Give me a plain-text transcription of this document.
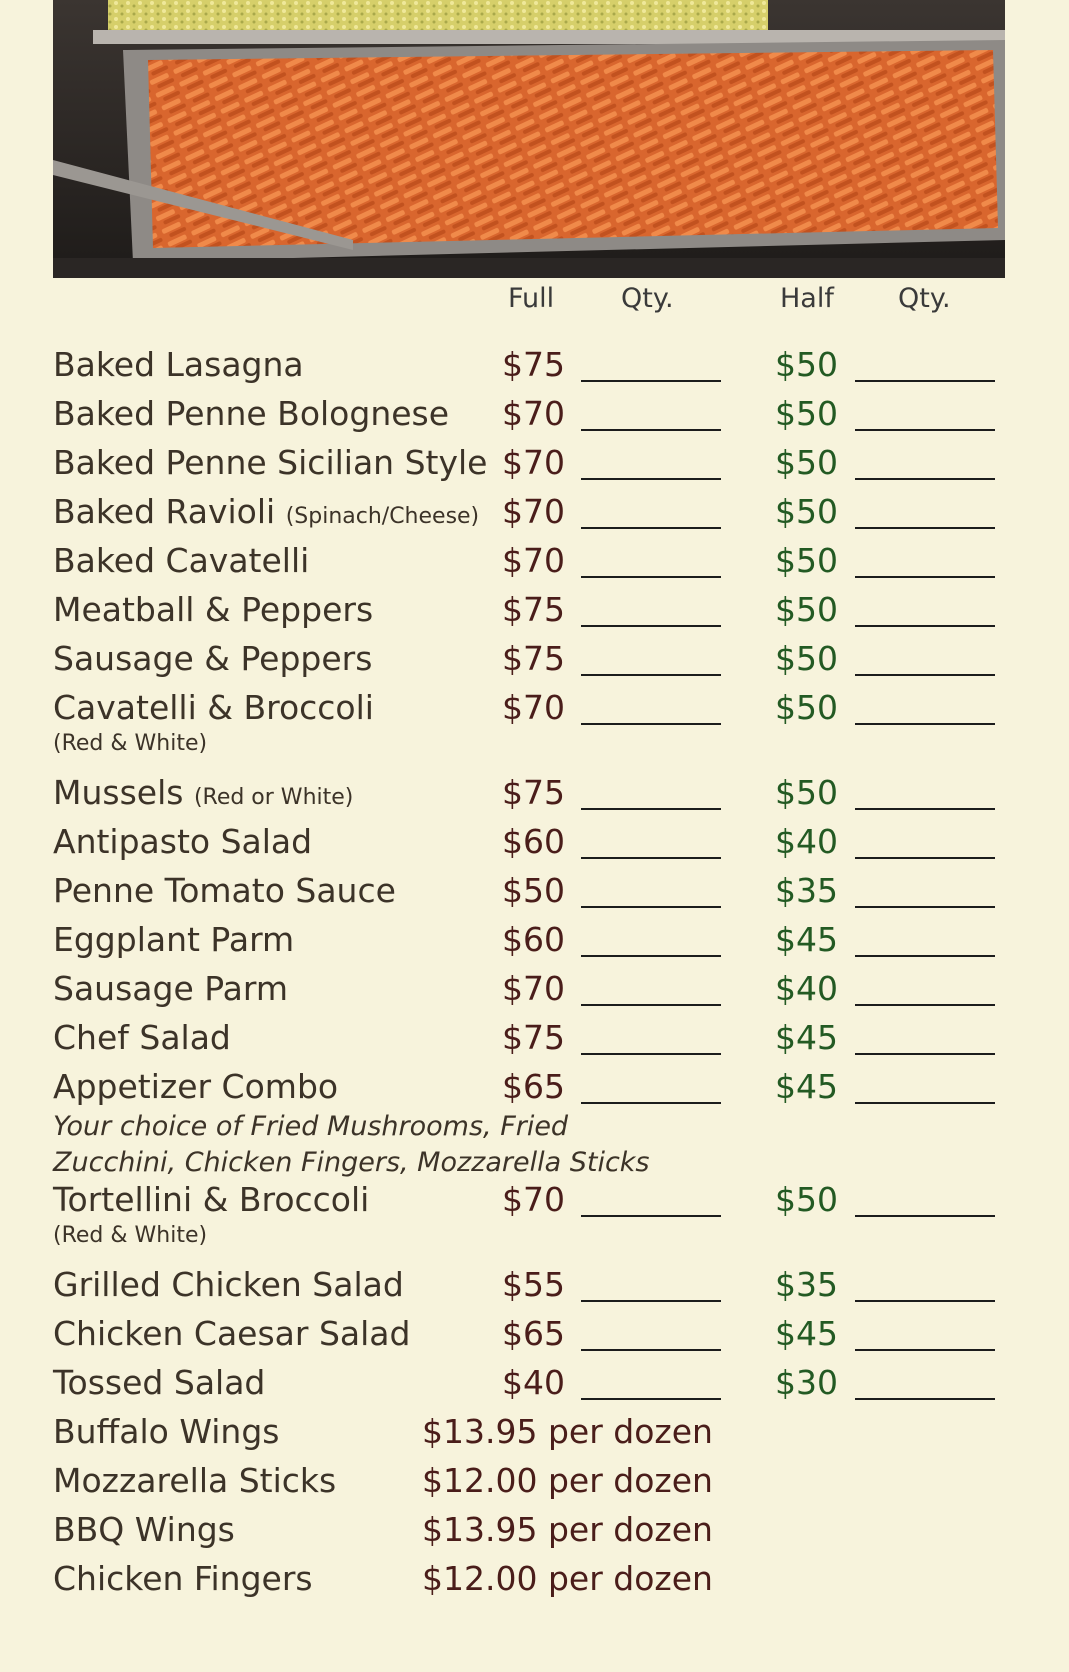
Full Qty.	Half Qty.
Baked Lasagna	$75	$50
Baked Penne Bolognese $70	$50
Baked Penne Sicilian Style $70	$50
Baked Ravioli (Spinach/Cheese) $70	$50
Baked Cavatelli	$70	$50
Meatball & Peppers	$75	$50
Sausage & Peppers	$75	$50
Cavatelli & Broccoli
(Red & White)
$70	$50
Mussels (Red or White)	$75	$50
Antipasto Salad	$60	$40
Penne Tomato Sauce	$50	$35
Eggplant Parm	$60	$45
Sausage Parm	$70	$40
Chef Salad	$75	$45
Appetizer Combo	$65	$45
Your choice of Fried Mushrooms, Fried
Zucchini, Chicken Fingers, Mozzarella Sticks
Tortellini & Broccoli
(Red & White)
$70	$50
Grilled Chicken Salad	$55	$35
Chicken Caesar Salad	$65	$45
Tossed Salad	$40	$30
Buffalo Wings	$13.95 per dozen
Mozzarella Sticks	$12.00 per dozen
BBQ Wings	$13.95 per dozen
Chicken Fingers	$12.00 per dozen
